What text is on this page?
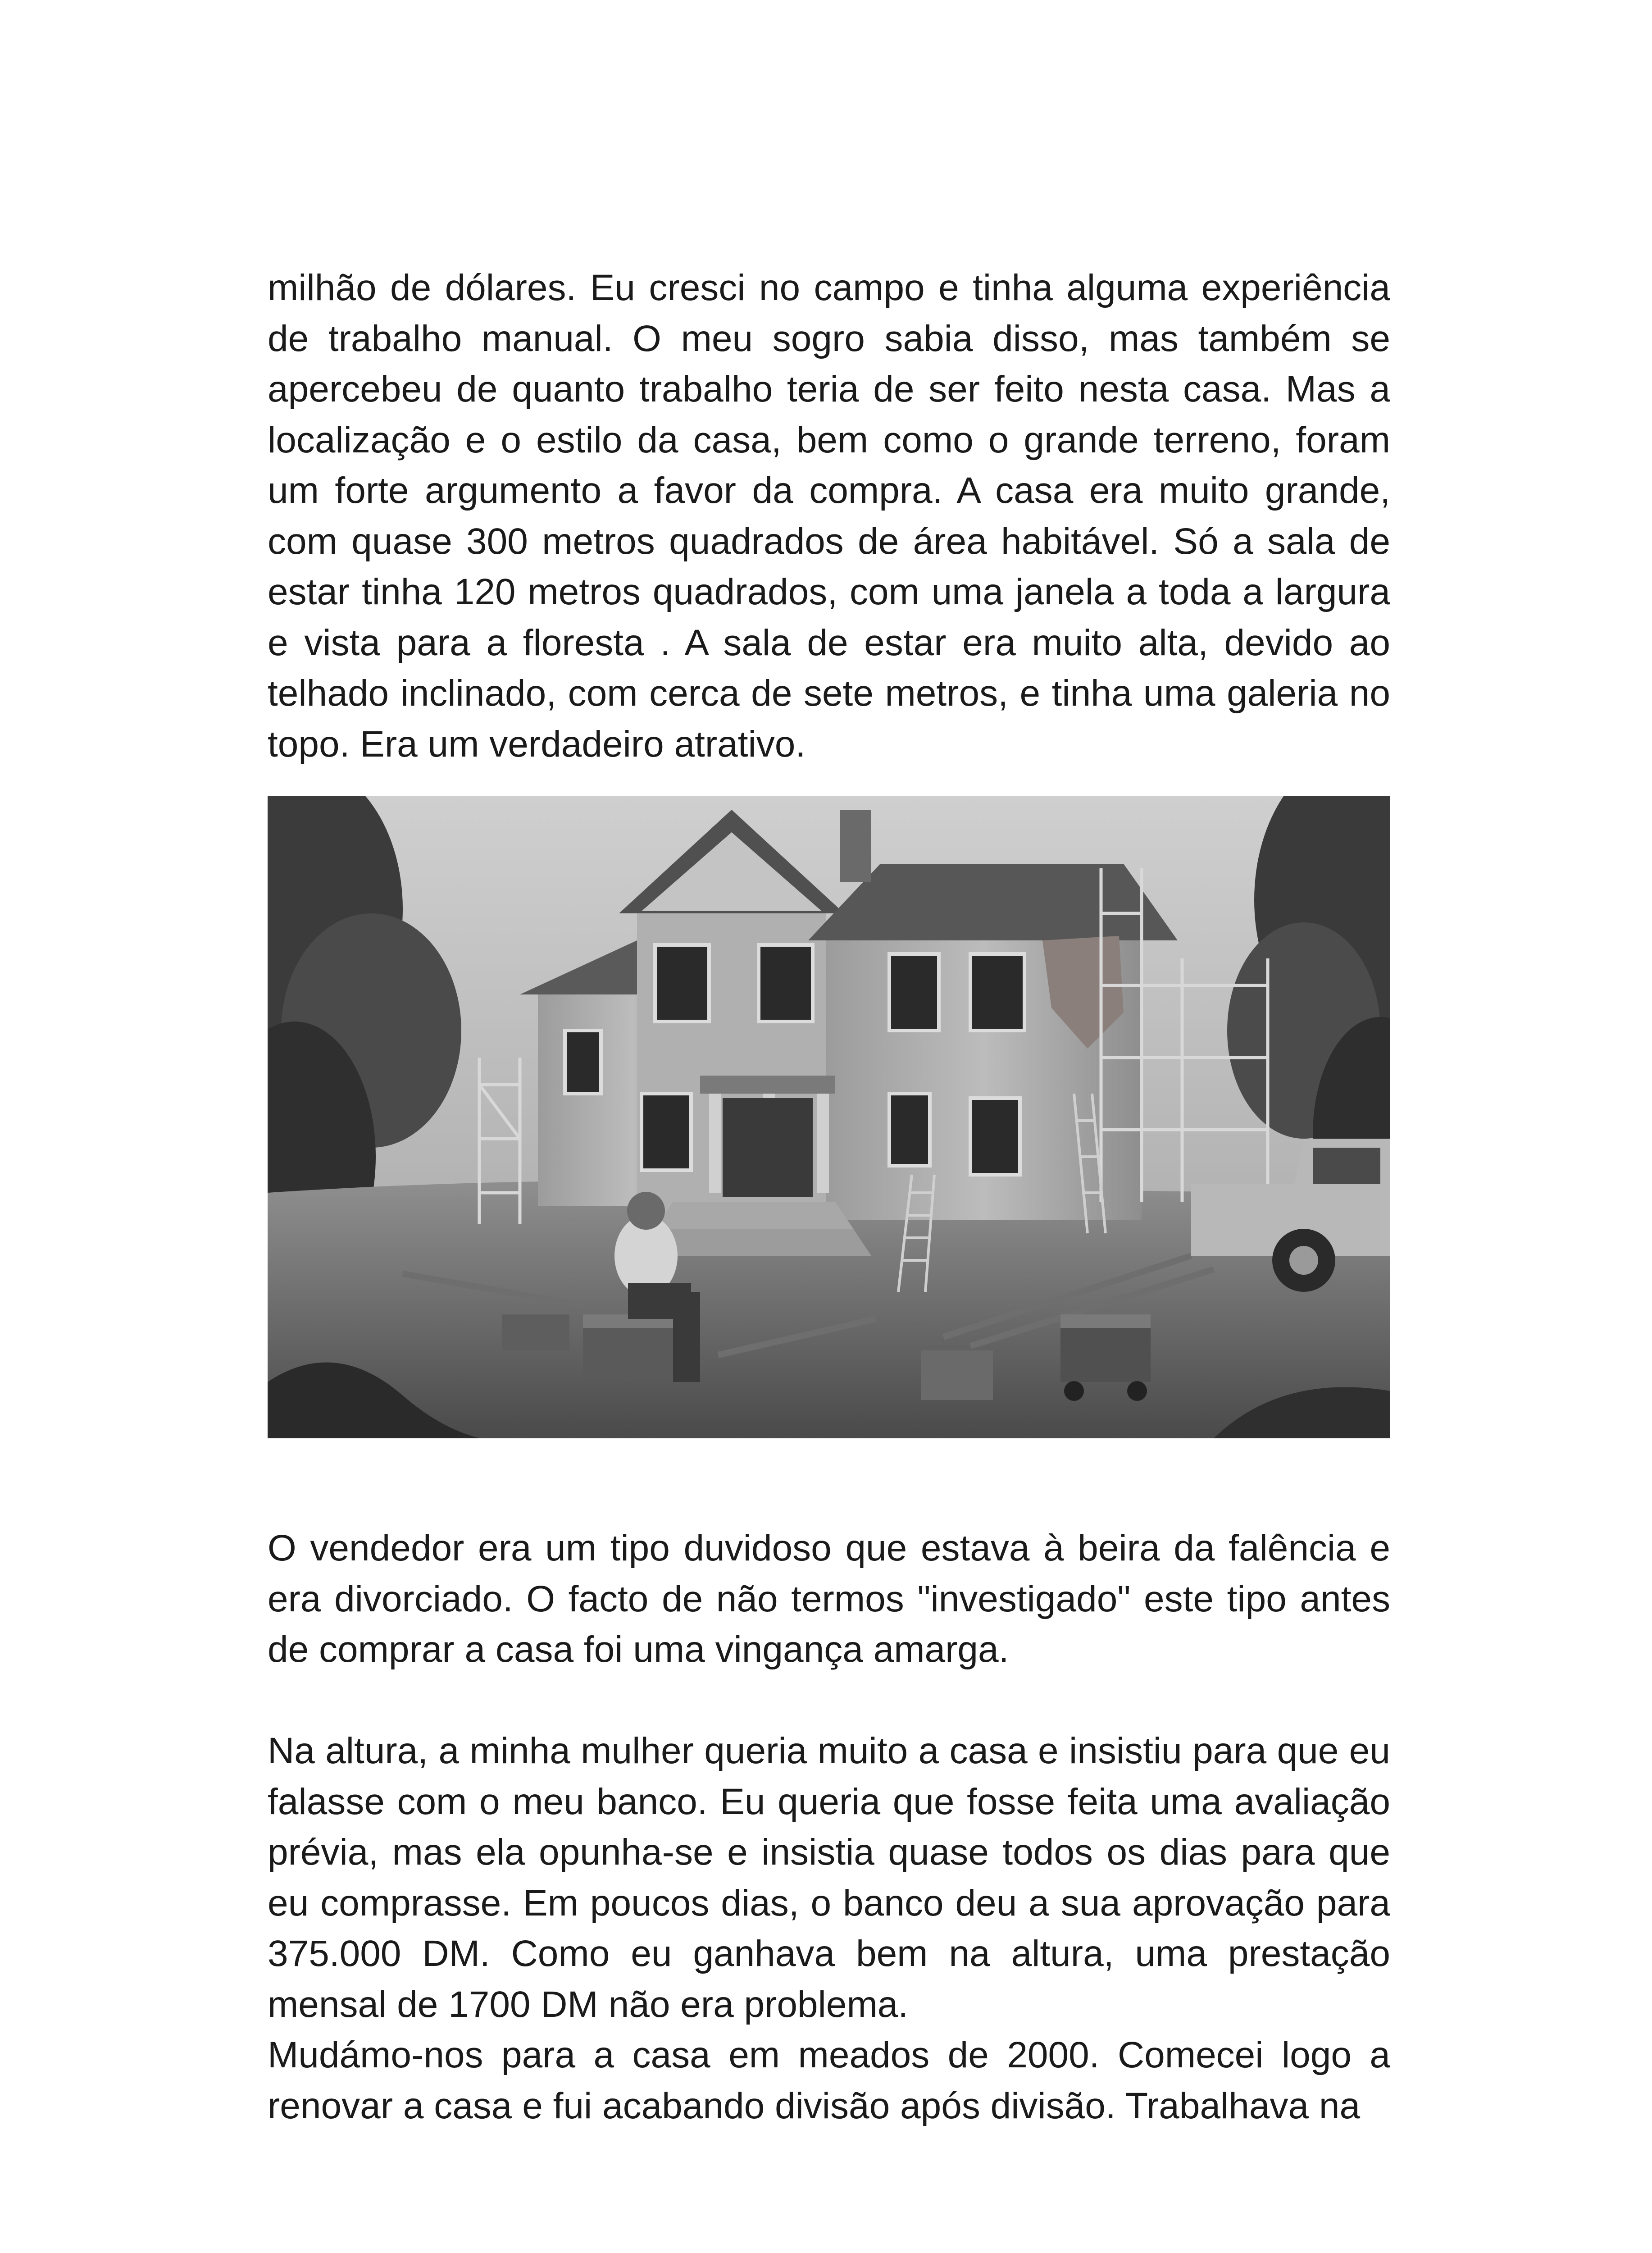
milhão de dólares. Eu cresci no campo e tinha alguma experiência de trabalho manual. O meu sogro sabia disso, mas também se apercebeu de quanto trabalho teria de ser feito nesta casa. Mas a localização e o estilo da casa, bem como o grande terreno, foram um forte argumento a favor da compra. A casa era muito grande, com quase 300 metros quadrados de área habitável. Só a sala de estar tinha 120 metros quadrados, com uma janela a toda a largura e vista para a floresta . A sala de estar era muito alta, devido ao telhado inclinado, com cerca de sete metros, e tinha uma galeria no topo. Era um verdadeiro atrativo.

O vendedor era um tipo duvidoso que estava à beira da falência e era divorciado. O facto de não termos "investigado" este tipo antes de comprar a casa foi uma vingança amarga.

Na altura, a minha mulher queria muito a casa e insistiu para que eu falasse com o meu banco. Eu queria que fosse feita uma avaliação prévia, mas ela opunha-se e insistia quase todos os dias para que eu comprasse. Em poucos dias, o banco deu a sua aprovação para 375.000 DM. Como eu ganhava bem na altura, uma prestação mensal de 1700 DM não era problema.

Mudámo-nos para a casa em meados de 2000. Comecei logo a renovar a casa e fui acabando divisão após divisão. Trabalhava na
